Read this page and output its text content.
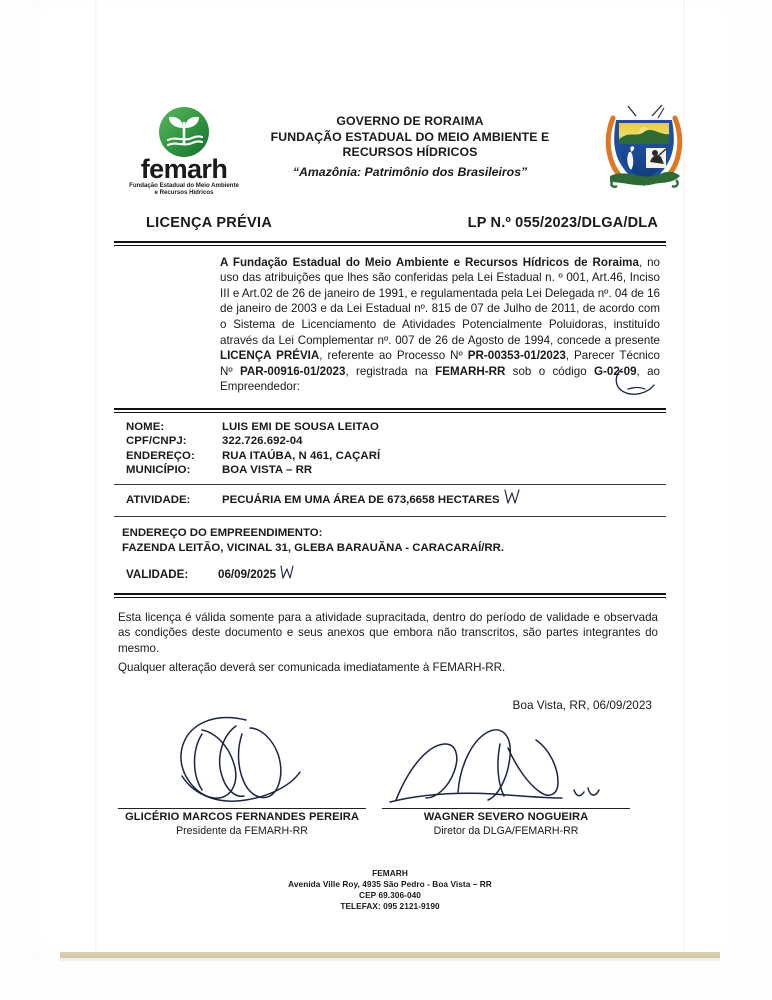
femarh
Fundação Estadual do Meio Ambiente
e Recursos Hídricos
GOVERNO DE RORAIMA
FUNDAÇÃO ESTADUAL DO MEIO AMBIENTE E
RECURSOS HÍDRICOS
“Amazônia: Patrimônio dos Brasileiros”
LICENÇA PRÉVIA	LP N.º 055/2023/DLGA/DLA
A Fundação Estadual do Meio Ambiente e Recursos Hídricos de Roraima, no uso das atribuições que lhes são conferidas pela Lei Estadual n. º 001, Art.46, Inciso III e Art.02 de 26 de janeiro de 1991, e regulamentada pela Lei Delegada nº. 04 de 16 de janeiro de 2003 e da Lei Estadual nº. 815 de 07 de Julho de 2011, de acordo com o Sistema de Licenciamento de Atividades Potencialmente Poluidoras, instituído através da Lei Complementar nº. 007 de 26 de Agosto de 1994, concede a presente LICENÇA PRÉVIA, referente ao Processo Nº PR-00353-01/2023, Parecer Técnico Nº PAR-00916-01/2023, registrada na FEMARH-RR sob o código G-02-09, ao Empreendedor:
NOME:	LUIS EMI DE SOUSA LEITAO
CPF/CNPJ:	322.726.692-04
ENDEREÇO:	RUA ITAÚBA, N 461, CAÇARÍ
MUNICÍPIO:	BOA VISTA – RR
ATIVIDADE:	PECUÁRIA EM UMA ÁREA DE 673,6658 HECTARES
ENDEREÇO DO EMPREENDIMENTO:
FAZENDA LEITÃO, VICINAL 31, GLEBA BARAUÃNA - CARACARAÍ/RR.
VALIDADE:	06/09/2025
Esta licença é válida somente para a atividade supracitada, dentro do período de validade e observada as condições deste documento e seus anexos que embora não transcritos, são partes integrantes do mesmo.
Qualquer alteração deverá ser comunicada imediatamente à FEMARH-RR.
Boa Vista, RR, 06/09/2023
GLICÉRIO MARCOS FERNANDES PEREIRA
Presidente da FEMARH-RR
WAGNER SEVERO NOGUEIRA
Diretor da DLGA/FEMARH-RR
FEMARH
Avenida Ville Roy, 4935 São Pedro - Boa Vista – RR
CEP 69.306-040
TELEFAX: 095 2121-9190
